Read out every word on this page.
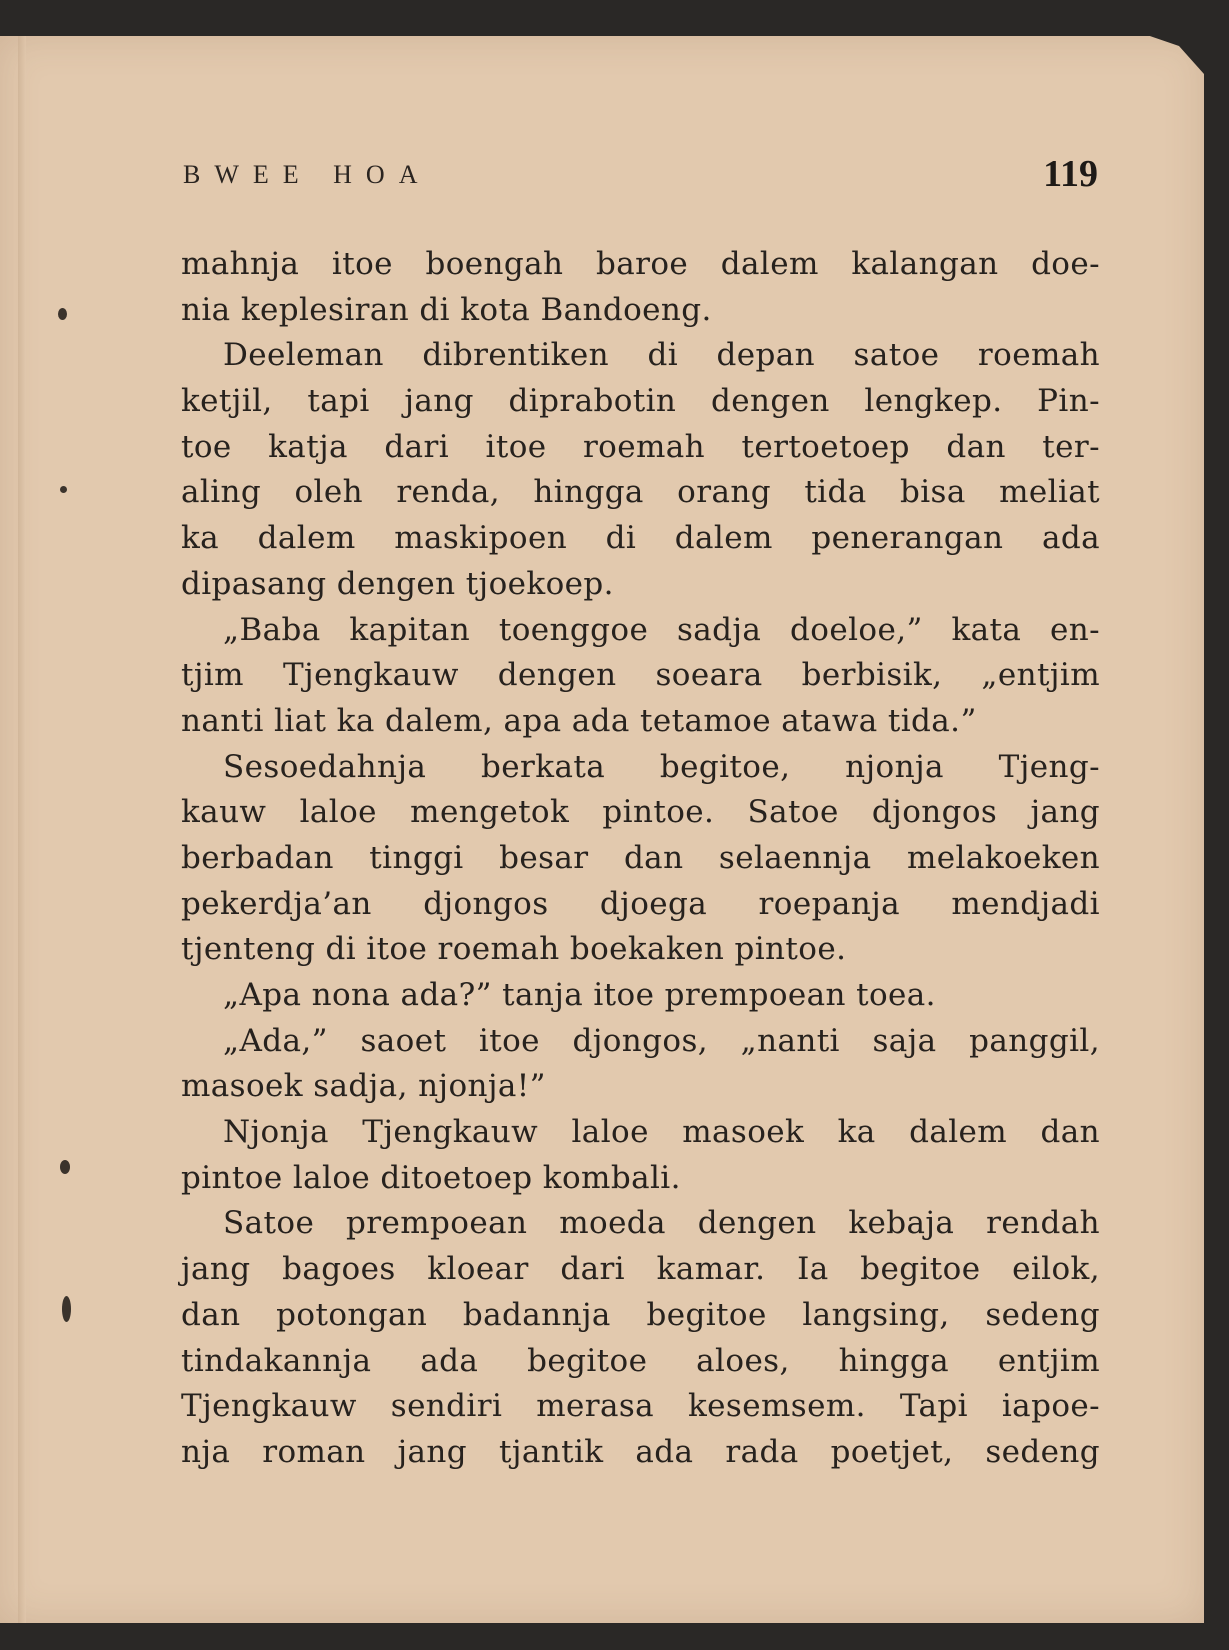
BWEE HOA	119
mahnja itoe boengah baroe dalem kalangan doe-
nia keplesiran di kota Bandoeng.
Deeleman dibrentiken di depan satoe roemah
ketjil, tapi jang diprabotin dengen lengkep. Pin-
toe katja dari itoe roemah tertoetoep dan ter-
aling oleh renda, hingga orang tida bisa meliat
ka dalem maskipoen di dalem penerangan ada
dipasang dengen tjoekoep.
„Baba kapitan toenggoe sadja doeloe,” kata en-
tjim Tjengkauw dengen soeara berbisik, „entjim
nanti liat ka dalem, apa ada tetamoe atawa tida.”
Sesoedahnja berkata begitoe, njonja Tjeng-
kauw laloe mengetok pintoe. Satoe djongos jang
berbadan tinggi besar dan selaennja melakoeken
pekerdja’an djongos djoega roepanja mendjadi
tjenteng di itoe roemah boekaken pintoe.
„Apa nona ada?” tanja itoe prempoean toea.
„Ada,” saoet itoe djongos, „nanti saja panggil,
masoek sadja, njonja!”
Njonja Tjengkauw laloe masoek ka dalem dan
pintoe laloe ditoetoep kombali.
Satoe prempoean moeda dengen kebaja rendah
jang bagoes kloear dari kamar. Ia begitoe eilok,
dan potongan badannja begitoe langsing, sedeng
tindakannja ada begitoe aloes, hingga entjim
Tjengkauw sendiri merasa kesemsem. Tapi iapoe-
nja roman jang tjantik ada rada poetjet, sedeng
